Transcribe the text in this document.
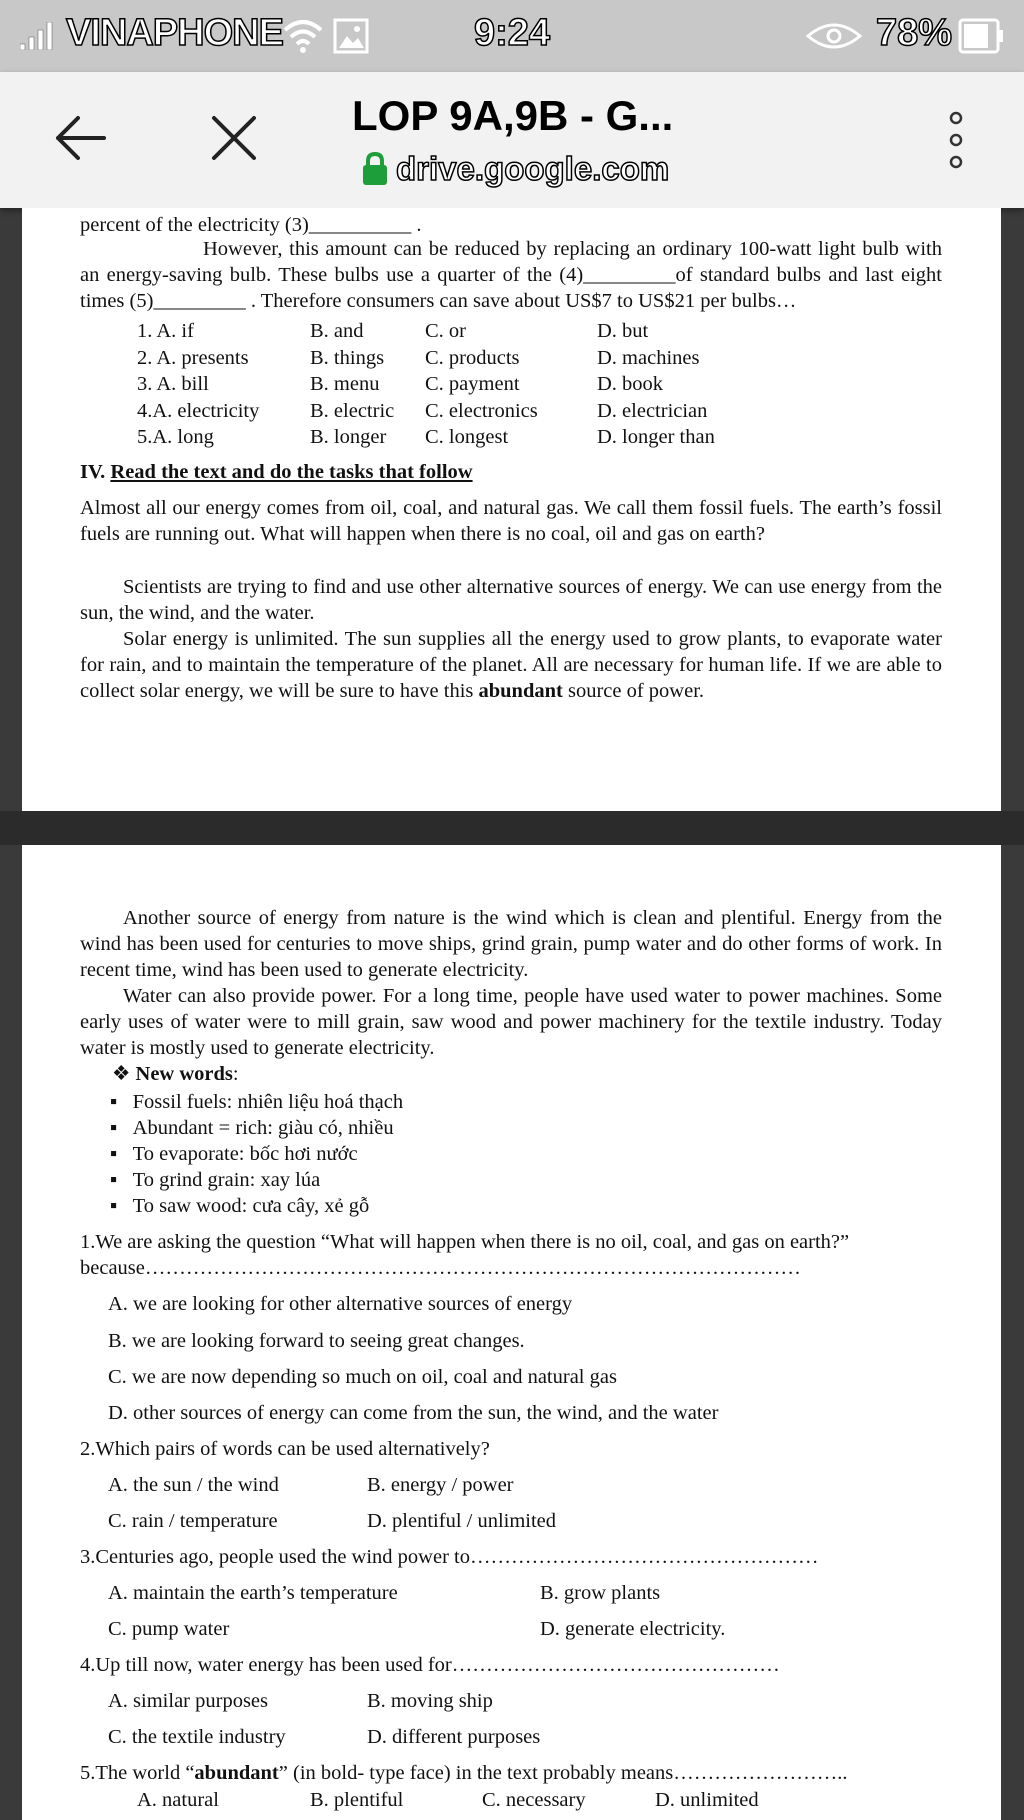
VINAPHONE	9:24	78%
LOP 9A,9B - G...
drive.google.com
percent of the electricity (3)__________ .
However, this amount can be reduced by replacing an ordinary 100-watt light bulb with an energy-saving bulb. These bulbs use a quarter of the (4)_________of standard bulbs and last eight times (5)_________ . Therefore consumers can save about US$7 to US$21 per bulbs…
1. A. if	B. and	C. or	D. but
2. A. presents	B. things C. products	D. machines
3. A. bill	B. menu C. payment	D. book
4.A. electricity B. electric C. electronics	D. electrician
5.A. long	B. longer C. longest	D. longer than
IV. Read the text and do the tasks that follow
Almost all our energy comes from oil, coal, and natural gas. We call them fossil fuels. The earth’s fossil fuels are running out. What will happen when there is no coal, oil and gas on earth?
Scientists are trying to find and use other alternative sources of energy. We can use energy from the sun, the wind, and the water.
Solar energy is unlimited. The sun supplies all the energy used to grow plants, to evaporate water for rain, and to maintain the temperature of the planet. All are necessary for human life. If we are able to collect solar energy, we will be sure to have this abundant source of power.
Another source of energy from nature is the wind which is clean and plentiful. Energy from the wind has been used for centuries to move ships, grind grain, pump water and do other forms of work. In recent time, wind has been used to generate electricity.
Water can also provide power. For a long time, people have used water to power machines. Some early uses of water were to mill grain, saw wood and power machinery for the textile industry. Today water is mostly used to generate electricity.
❖ New words:
▪   Fossil fuels: nhiên liệu hoá thạch
▪   Abundant = rich: giàu có, nhiều
▪   To evaporate: bốc hơi nước
▪   To grind grain: xay lúa
▪   To saw wood: cưa cây, xẻ gỗ
1.We are asking the question “What will happen when there is no oil, coal, and gas on earth?”
because……………………………………………………………………………………
A. we are looking for other alternative sources of energy
B. we are looking forward to seeing great changes.
C. we are now depending so much on oil, coal and natural gas
D. other sources of energy can come from the sun, the wind, and the water
2.Which pairs of words can be used alternatively?
A. the sun / the wind	B. energy / power
C. rain / temperature	D. plentiful / unlimited
3.Centuries ago, people used the wind power to……………………………………………
A. maintain the earth’s temperature	B. grow plants
C. pump water	D. generate electricity.
4.Up till now, water energy has been used for…………………………………………
A. similar purposes	B. moving ship
C. the textile industry	D. different purposes
5.The world “abundant” (in bold- type face) in the text probably means……………………..
A. natural	B. plentiful	C. necessary	D. unlimited
